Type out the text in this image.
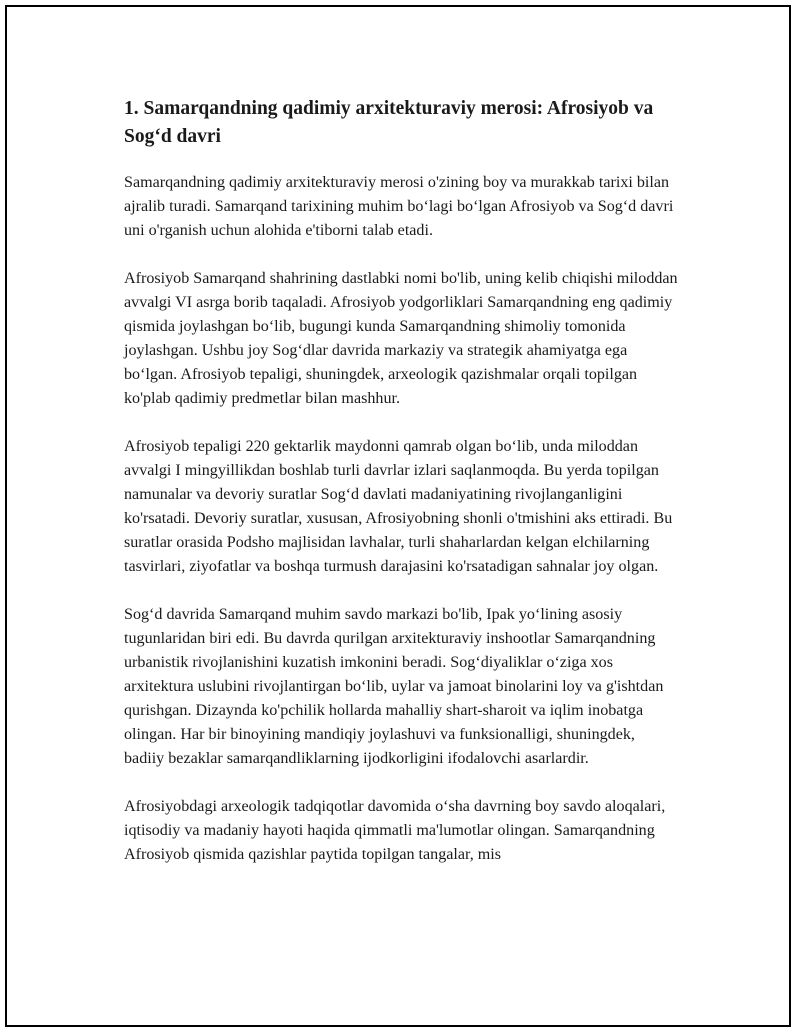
1. Samarqandning qadimiy arxitekturaviy merosi: Afrosiyob va Sog‘d davri

Samarqandning qadimiy arxitekturaviy merosi o'zining boy va murakkab tarixi bilan ajralib turadi. Samarqand tarixining muhim bo‘lagi bo‘lgan Afrosiyob va Sog‘d davri uni o'rganish uchun alohida e'tiborni talab etadi.

Afrosiyob Samarqand shahrining dastlabki nomi bo'lib, uning kelib chiqishi miloddan avvalgi VI asrga borib taqaladi. Afrosiyob yodgorliklari Samarqandning eng qadimiy qismida joylashgan bo‘lib, bugungi kunda Samarqandning shimoliy tomonida joylashgan. Ushbu joy Sog‘dlar davrida markaziy va strategik ahamiyatga ega bo‘lgan. Afrosiyob tepaligi, shuningdek, arxeologik qazishmalar orqali topilgan ko'plab qadimiy predmetlar bilan mashhur.

Afrosiyob tepaligi 220 gektarlik maydonni qamrab olgan bo‘lib, unda miloddan avvalgi I mingyillikdan boshlab turli davrlar izlari saqlanmoqda. Bu yerda topilgan namunalar va devoriy suratlar Sog‘d davlati madaniyatining rivojlanganligini ko'rsatadi. Devoriy suratlar, xususan, Afrosiyobning shonli o'tmishini aks ettiradi. Bu suratlar orasida Podsho majlisidan lavhalar, turli shaharlardan kelgan elchilarning tasvirlari, ziyofatlar va boshqa turmush darajasini ko'rsatadigan sahnalar joy olgan.

Sog‘d davrida Samarqand muhim savdo markazi bo'lib, Ipak yo‘lining asosiy tugunlaridan biri edi. Bu davrda qurilgan arxitekturaviy inshootlar Samarqandning urbanistik rivojlanishini kuzatish imkonini beradi. Sog‘diyaliklar o‘ziga xos arxitektura uslubini rivojlantirgan bo‘lib, uylar va jamoat binolarini loy va g'ishtdan qurishgan. Dizaynda ko'pchilik hollarda mahalliy shart-sharoit va iqlim inobatga olingan. Har bir binoyining mandiqiy joylashuvi va funksionalligi, shuningdek, badiiy bezaklar samarqandliklarning ijodkorligini ifodalovchi asarlardir.

Afrosiyobdagi arxeologik tadqiqotlar davomida o‘sha davrning boy savdo aloqalari, iqtisodiy va madaniy hayoti haqida qimmatli ma'lumotlar olingan. Samarqandning Afrosiyob qismida qazishlar paytida topilgan tangalar, mis
